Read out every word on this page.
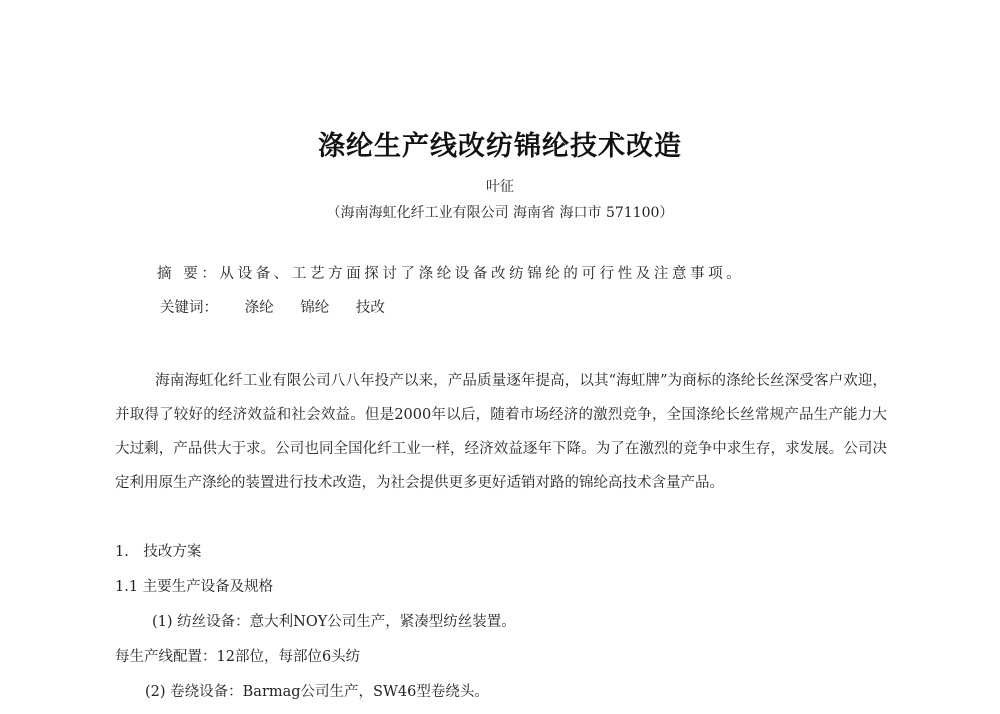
涤纶生产线改纺锦纶技术改造
叶征
（海南海虹化纤工业有限公司 海南省 海口市 571100）
摘 要：从设备、工艺方面探讨了涤纶设备改纺锦纶的可行性及注意事项。
关键词： 涤纶 锦纶 技改
海南海虹化纤工业有限公司八八年投产以来，产品质量逐年提高，以其“海虹牌”为商标的涤纶长丝深受客户欢迎，并取得了较好的经济效益和社会效益。但是2000年以后，随着市场经济的激烈竞争，全国涤纶长丝常规产品生产能力大大过剩，产品供大于求。公司也同全国化纤工业一样，经济效益逐年下降。为了在激烈的竞争中求生存，求发展。公司决定利用原生产涤纶的装置进行技术改造，为社会提供更多更好适销对路的锦纶高技术含量产品。
1.　技改方案
1.1 主要生产设备及规格
(1) 纺丝设备：意大利NOY公司生产，紧凑型纺丝装置。
每生产线配置：12部位，每部位6头纺
(2) 卷绕设备：Barmag公司生产，SW46型卷绕头。
